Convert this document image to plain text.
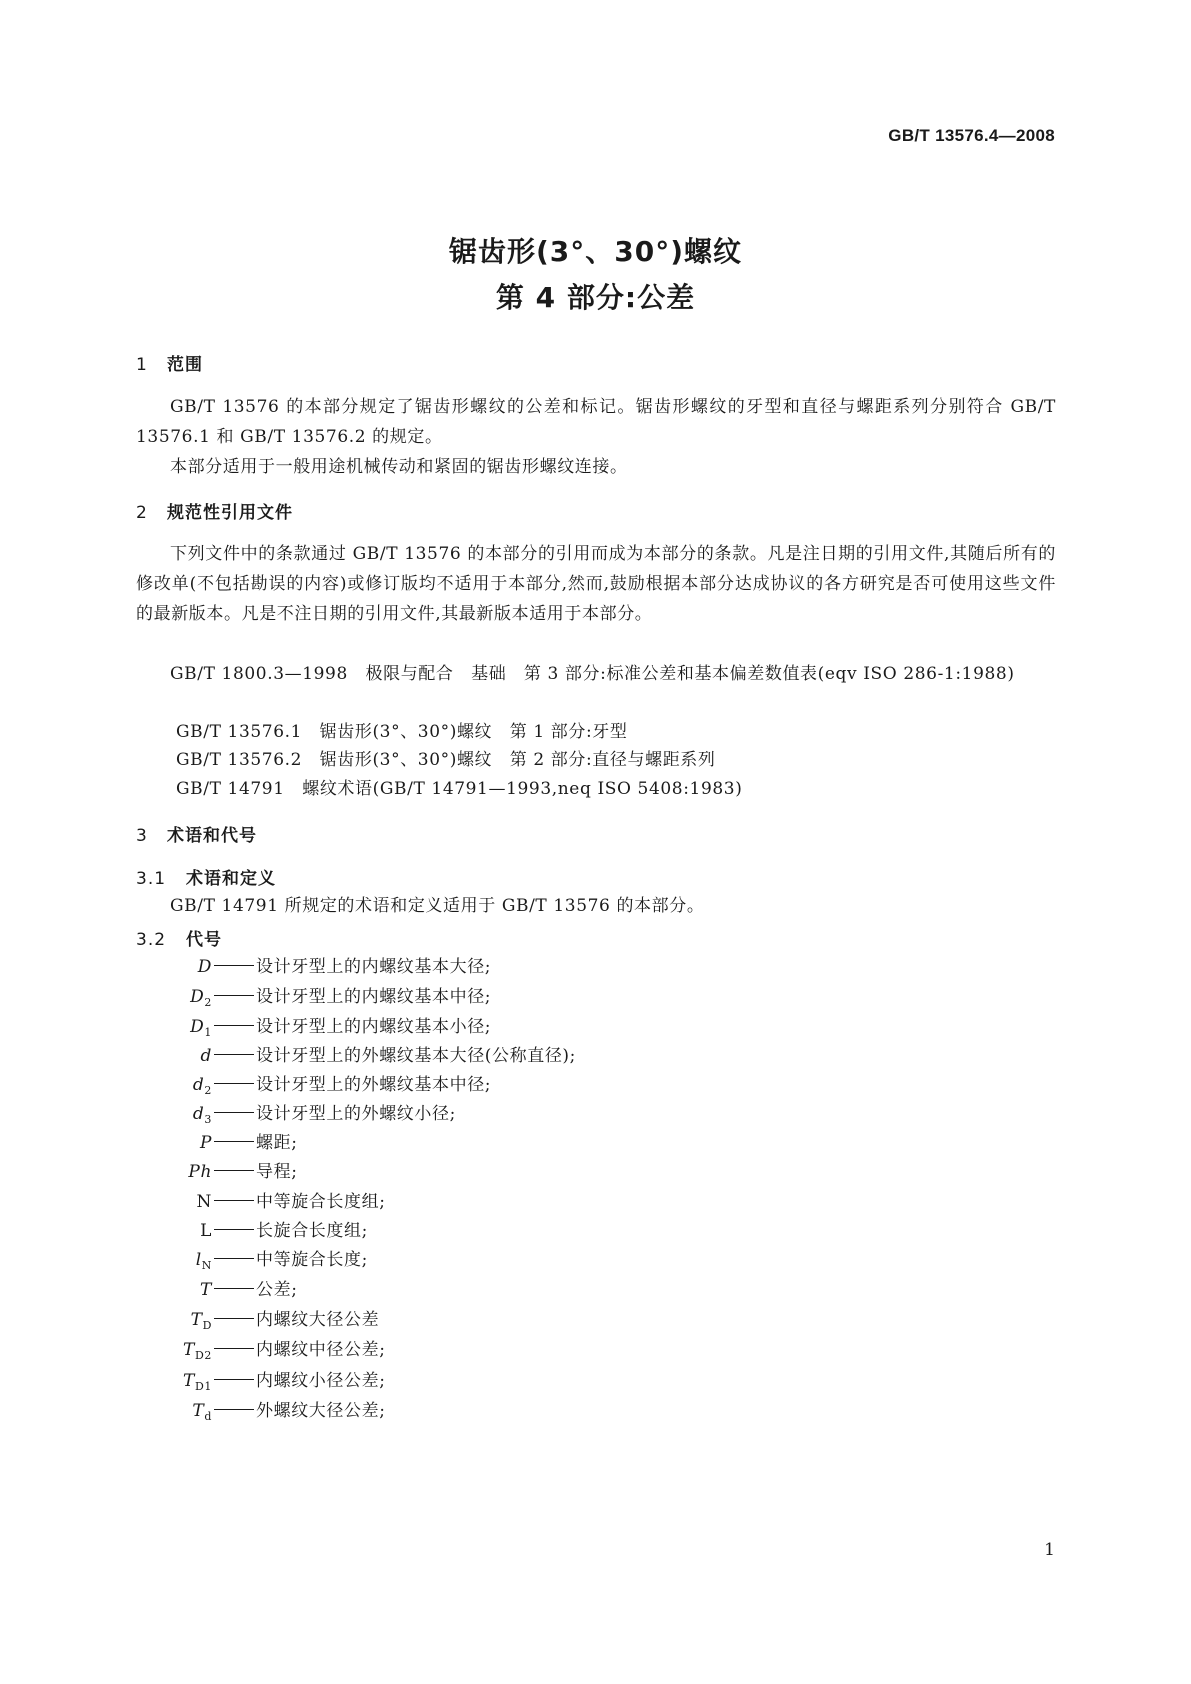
GB/T 13576.4—2008
锯齿形(3°、30°)螺纹
第 4 部分:公差
1 范围
GB/T 13576 的本部分规定了锯齿形螺纹的公差和标记。锯齿形螺纹的牙型和直径与螺距系列分别符合 GB/T 13576.1 和 GB/T 13576.2 的规定。
本部分适用于一般用途机械传动和紧固的锯齿形螺纹连接。
2 规范性引用文件
下列文件中的条款通过 GB/T 13576 的本部分的引用而成为本部分的条款。凡是注日期的引用文件,其随后所有的修改单(不包括勘误的内容)或修订版均不适用于本部分,然而,鼓励根据本部分达成协议的各方研究是否可使用这些文件的最新版本。凡是不注日期的引用文件,其最新版本适用于本部分。
GB/T 1800.3—1998　极限与配合　基础　第 3 部分:标准公差和基本偏差数值表(eqv ISO 286-1:1988)
GB/T 13576.1　锯齿形(3°、30°)螺纹　第 1 部分:牙型
GB/T 13576.2　锯齿形(3°、30°)螺纹　第 2 部分:直径与螺距系列
GB/T 14791　螺纹术语(GB/T 14791—1993,neq ISO 5408:1983)
3 术语和代号
3.1 术语和定义
GB/T 14791 所规定的术语和定义适用于 GB/T 13576 的本部分。
3.2 代号
D	设计牙型上的内螺纹基本大径;
$D_2$	设计牙型上的内螺纹基本中径;
$D_1$	设计牙型上的内螺纹基本小径;
d	设计牙型上的外螺纹基本大径(公称直径);
$d_2$	设计牙型上的外螺纹基本中径;
$d_3$	设计牙型上的外螺纹小径;
P	螺距;
Ph	导程;
N	中等旋合长度组;
L	长旋合长度组;
$l_N$	中等旋合长度;
T	公差;
$T_D$	内螺纹大径公差
$T_{D2}$	内螺纹中径公差;
$T_{D1}$	内螺纹小径公差;
$T_d$	外螺纹大径公差;
1
